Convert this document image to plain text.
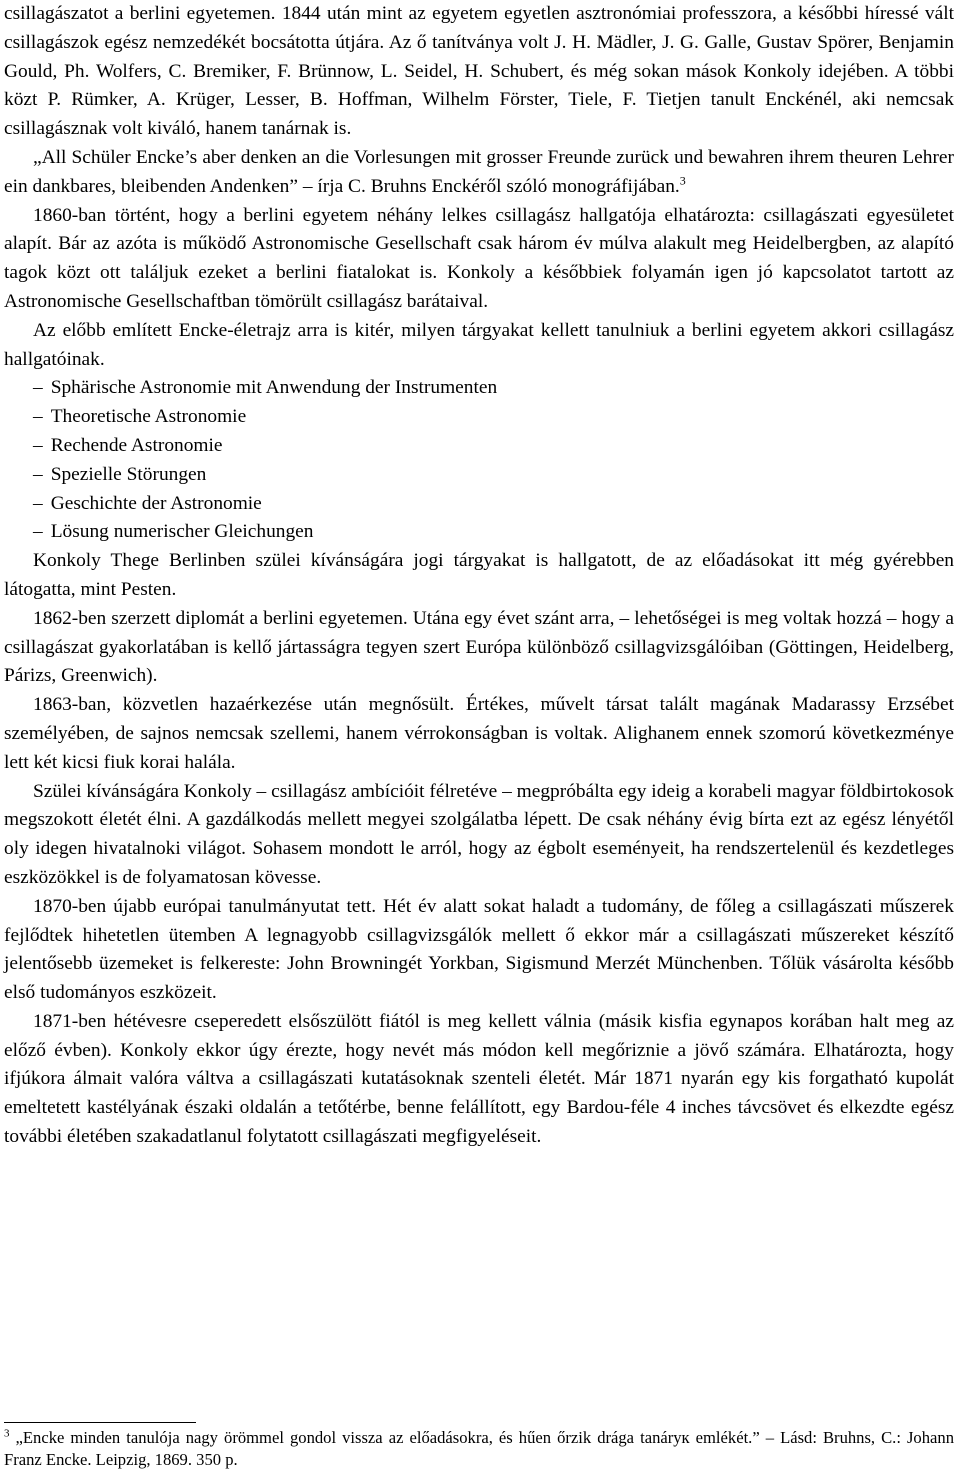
csillagászatot a berlini egyetemen. 1844 után mint az egyetem egyetlen asztronómiai professzora, a későbbi híressé vált csillagászok egész nemzedékét bocsátotta útjára. Az ő tanítványa volt J. H. Mädler, J. G. Galle, Gustav Spörer, Benjamin Gould, Ph. Wolfers, C. Bremiker, F. Brünnow, L. Seidel, H. Schubert, és még sokan mások Konkoly idejében. A többi közt P. Rümker, A. Krüger, Lesser, B. Hoffman, Wilhelm Förster, Tiele, F. Tietjen tanult Enckénél, aki nemcsak csillagásznak volt kiváló, hanem tanárnak is.

„All Schüler Encke’s aber denken an die Vorlesungen mit grosser Freunde zurück und bewahren ihrem theuren Lehrer ein dankbares, bleibenden Andenken” – írja C. Bruhns Enckéről szóló monográfijában.$^3$

1860-ban történt, hogy a berlini egyetem néhány lelkes csillagász hallgatója elhatározta: csillagászati egyesületet alapít. Bár az azóta is működő Astronomische Gesellschaft csak három év múlva alakult meg Heidelbergben, az alapító tagok közt ott találjuk ezeket a berlini fiatalokat is. Konkoly a későbbiek folyamán igen jó kapcsolatot tartott az Astronomische Gesellschaftban tömörült csillagász barátaival.

Az előbb említett Encke-életrajz arra is kitér, milyen tárgyakat kellett tanulniuk a berlini egyetem akkori csillagász hallgatóinak.

– Sphärische Astronomie mit Anwendung der Instrumenten
– Theoretische Astronomie
– Rechende Astronomie
– Spezielle Störungen
– Geschichte der Astronomie
– Lösung numerischer Gleichungen

Konkoly Thege Berlinben szülei kívánságára jogi tárgyakat is hallgatott, de az előadásokat itt még gyérebben látogatta, mint Pesten.

1862-ben szerzett diplomát a berlini egyetemen. Utána egy évet szánt arra, – lehetőségei is meg voltak hozzá – hogy a csillagászat gyakorlatában is kellő jártasságra tegyen szert Európa különböző csillagvizsgálóiban (Göttingen, Heidelberg, Párizs, Greenwich).

1863-ban, közvetlen hazaérkezése után megnősült. Értékes, művelt társat talált magának Madarassy Erzsébet személyében, de sajnos nemcsak szellemi, hanem vérrokonságban is voltak. Alighanem ennek szomorú következménye lett két kicsi fiuk korai halála.

Szülei kívánságára Konkoly – csillagász ambícióit félretéve – megpróbálta egy ideig a korabeli magyar földbirtokosok megszokott életét élni. A gazdálkodás mellett megyei szolgálatba lépett. De csak néhány évig bírta ezt az egész lényétől oly idegen hivatalnoki világot. Sohasem mondott le arról, hogy az égbolt eseményeit, ha rendszertelenül és kezdetleges eszközökkel is de folyamatosan kövesse.

1870-ben újabb európai tanulmányutat tett. Hét év alatt sokat haladt a tudomány, de főleg a csillagászati műszerek fejlődtek hihetetlen ütemben A legnagyobb csillagvizsgálók mellett ő ekkor már a csillagászati műszereket készítő jelentősebb üzemeket is felkereste: John Browningét Yorkban, Sigismund Merzét Münchenben. Tőlük vásárolta később első tudományos eszközeit.

1871-ben hétévesre cseperedett elsőszülött fiától is meg kellett válnia (másik kisfia egynapos korában halt meg az előző évben). Konkoly ekkor úgy érezte, hogy nevét más módon kell megőriznie a jövő számára. Elhatározta, hogy ifjúkora álmait valóra váltva a csillagászati kutatásoknak szenteli életét. Már 1871 nyarán egy kis forgatható kupolát emeltetett kastélyának északi oldalán a tetőtérbe, benne felállított, egy Bardou-féle 4 inches távcsövet és elkezdte egész további életében szakadatlanul folytatott csillagászati megfigyeléseit.

$^3$ „Encke minden tanulója nagy örömmel gondol vissza az előadásokra, és hűen őrzik drága tanárук emlékét.” – Lásd: Bruhns, C.: Johann Franz Encke. Leipzig, 1869. 350 p.
